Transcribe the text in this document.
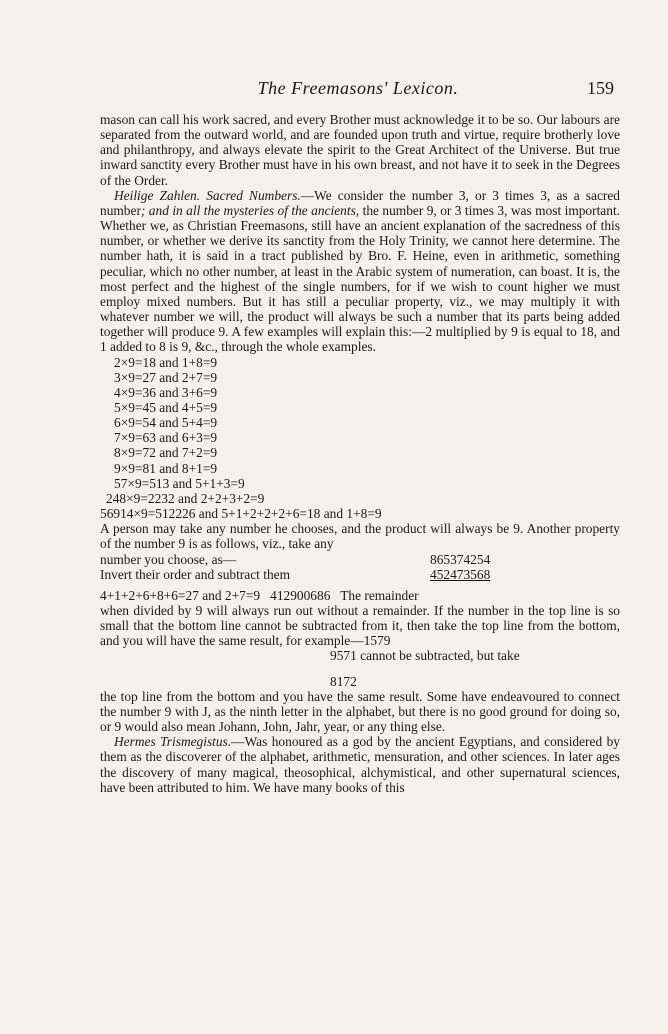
The Freemasons' Lexicon.	159

mason can call his work sacred, and every Brother must acknowledge it to be so. Our labours are separated from the outward world, and are founded upon truth and virtue, require brotherly love and philanthropy, and always elevate the spirit to the Great Architect of the Universe. But true inward sanctity every Brother must have in his own breast, and not have it to seek in the Degrees of the Order.

Heilige Zahlen. Sacred Numbers.—We consider the number 3, or 3 times 3, as a sacred number; and in all the mysteries of the ancients, the number 9, or 3 times 3, was most important. Whether we, as Christian Freemasons, still have an ancient explanation of the sacredness of this number, or whether we derive its sanctity from the Holy Trinity, we cannot here determine. The number hath, it is said in a tract published by Bro. F. Heine, even in arithmetic, something peculiar, which no other number, at least in the Arabic system of numeration, can boast. It is, the most perfect and the highest of the single numbers, for if we wish to count higher we must employ mixed numbers. But it has still a peculiar property, viz., we may multiply it with whatever number we will, the product will always be such a number that its parts being added together will produce 9. A few examples will explain this:—2 multiplied by 9 is equal to 18, and 1 added to 8 is 9, &c., through the whole examples.

2×9=18 and 1+8=9

3×9=27 and 2+7=9

4×9=36 and 3+6=9

5×9=45 and 4+5=9

6×9=54 and 5+4=9

7×9=63 and 6+3=9

8×9=72 and 7+2=9

9×9=81 and 8+1=9

57×9=513 and 5+1+3=9

248×9=2232 and 2+2+3+2=9

56914×9=512226 and 5+1+2+2+2+6=18 and 1+8=9

A person may take any number he chooses, and the product will always be 9. Another property of the number 9 is as follows, viz., take any

number you choose, as—	865374254
Invert their order and subtract them	452473568

4+1+2+6+8+6=27 and 2+7=9   412900686   The remainder

when divided by 9 will always run out without a remainder. If the number in the top line is so small that the bottom line cannot be subtracted from it, then take the top line from the bottom, and you will have the same result, for example—1579

9571 cannot be subtracted, but take

8172

the top line from the bottom and you have the same result. Some have endeavoured to connect the number 9 with J, as the ninth letter in the alphabet, but there is no good ground for doing so, or 9 would also mean Johann, John, Jahr, year, or any thing else.

Hermes Trismegistus.—Was honoured as a god by the ancient Egyptians, and considered by them as the discoverer of the alphabet, arithmetic, mensuration, and other sciences. In later ages the discovery of many magical, theosophical, alchymistical, and other supernatural sciences, have been attributed to him. We have many books of this
